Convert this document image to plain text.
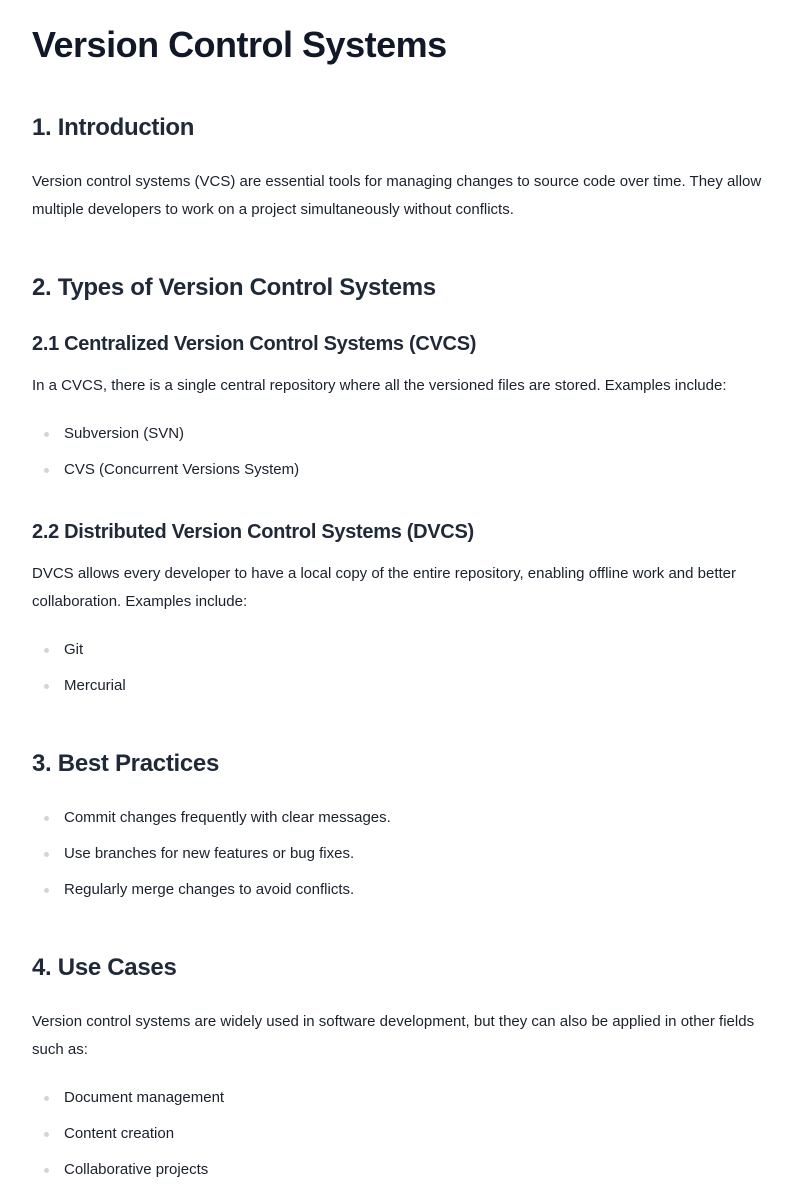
Version Control Systems
1. Introduction

Version control systems (VCS) are essential tools for managing changes to source code over time. They allow multiple developers to work on a project simultaneously without conflicts.

2. Types of Version Control Systems
2.1 Centralized Version Control Systems (CVCS)

In a CVCS, there is a single central repository where all the versioned files are stored. Examples include:

Subversion (SVN)
CVS (Concurrent Versions System)
2.2 Distributed Version Control Systems (DVCS)

DVCS allows every developer to have a local copy of the entire repository, enabling offline work and better collaboration. Examples include:

Git
Mercurial
3. Best Practices
Commit changes frequently with clear messages.
Use branches for new features or bug fixes.
Regularly merge changes to avoid conflicts.
4. Use Cases

Version control systems are widely used in software development, but they can also be applied in other fields such as:

Document management
Content creation
Collaborative projects
